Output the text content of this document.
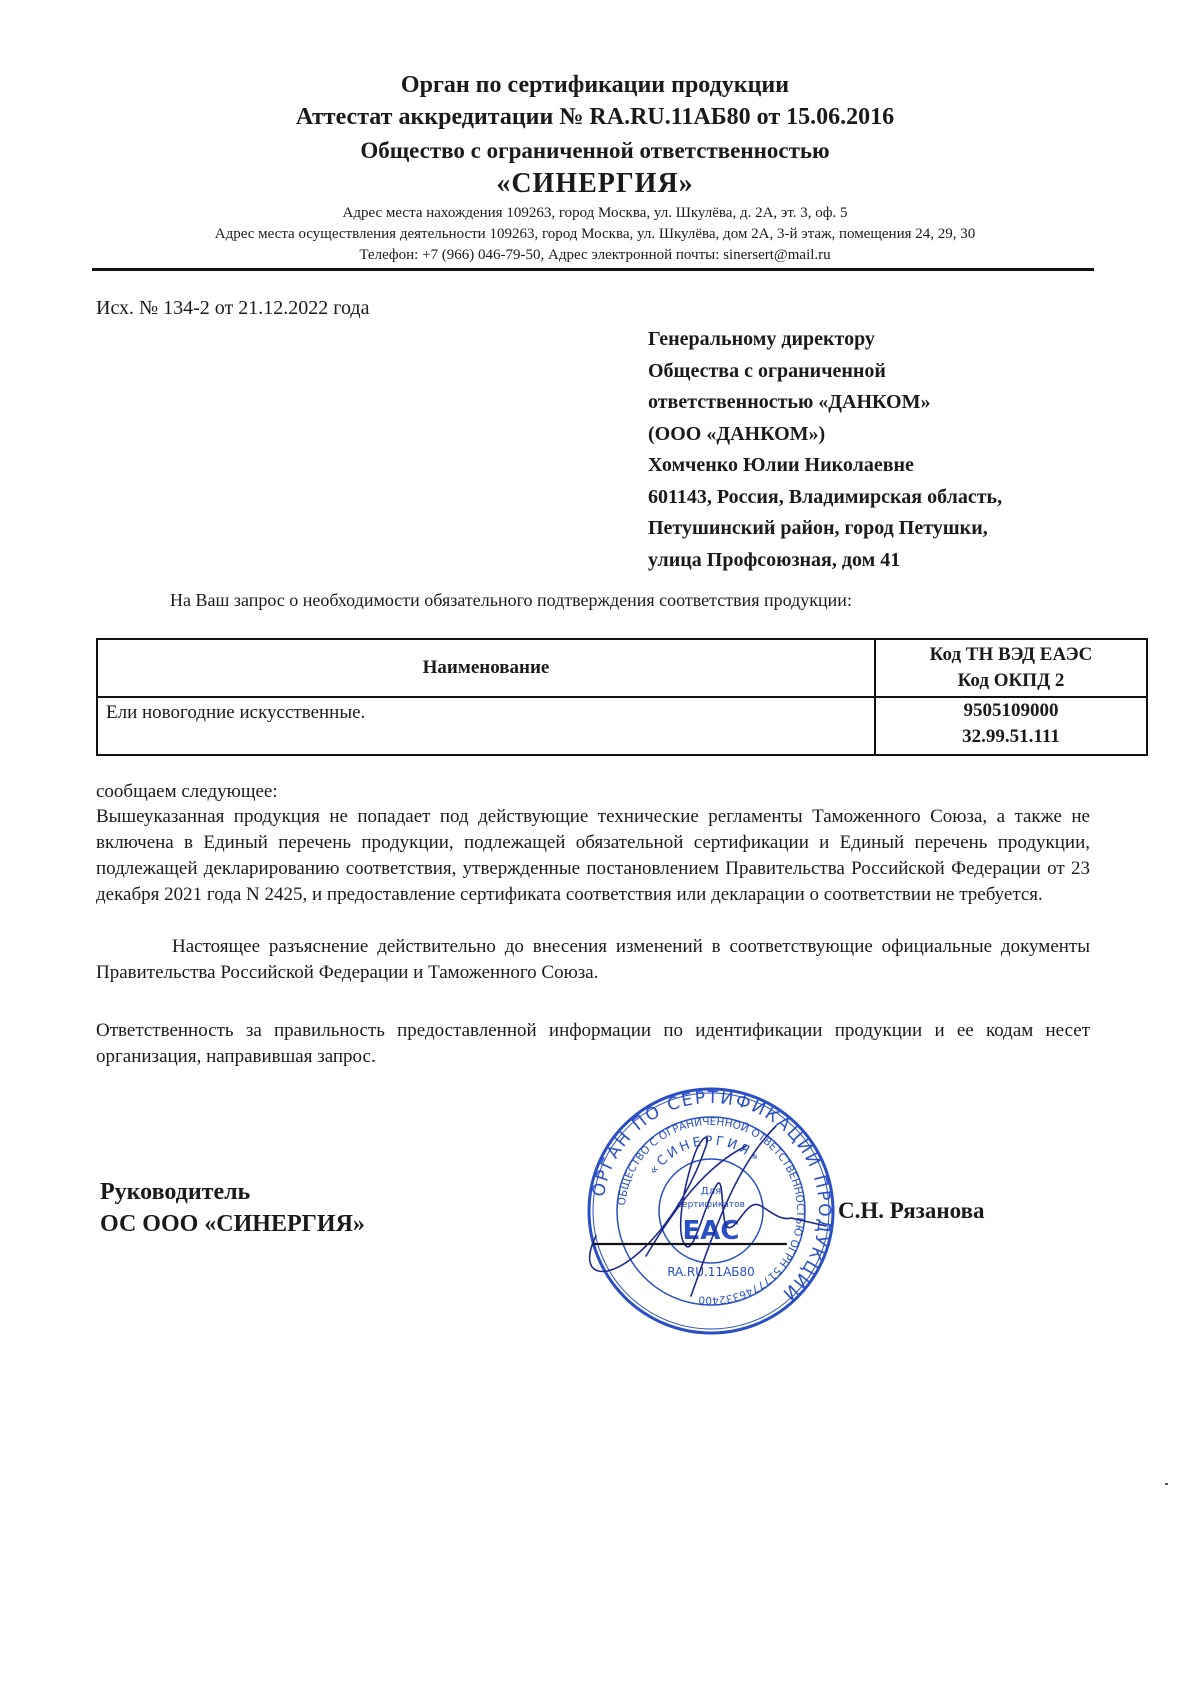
Орган по сертификации продукции
Аттестат аккредитации № RA.RU.11АБ80 от 15.06.2016
Общество с ограниченной ответственностью
«СИНЕРГИЯ»
Адрес места нахождения 109263, город Москва, ул. Шкулёва, д. 2А, эт. 3, оф. 5
Адрес места осуществления деятельности 109263, город Москва, ул. Шкулёва, дом 2А, 3-й этаж, помещения 24, 29, 30
Телефон: +7 (966) 046-79-50, Адрес электронной почты: sinersert@mail.ru
Исх. № 134-2 от 21.12.2022 года
Генеральному директору
Общества с ограниченной
ответственностью «ДАНКОМ»
(ООО «ДАНКОМ»)
Хомченко Юлии Николаевне
601143, Россия, Владимирская область,
Петушинский район, город Петушки,
улица Профсоюзная, дом 41
На Ваш запрос о необходимости обязательного подтверждения соответствия продукции:
Наименование	Код ТН ВЭД ЕАЭС
Код ОКПД 2

Ели новогодние искусственные.	9505109000
32.99.51.111
сообщаем следующее:
Вышеуказанная продукция не попадает под действующие технические регламенты Таможенного Союза, а также не включена в Единый перечень продукции, подлежащей обязательной сертификации и Единый перечень продукции, подлежащей декларированию соответствия, утвержденные постановлением Правительства Российской Федерации от 23 декабря 2021 года N 2425, и предоставление сертификата соответствия или декларации о соответствии не требуется.
Настоящее разъяснение действительно до внесения изменений в соответствующие официальные документы Правительства Российской Федерации и Таможенного Союза.
Ответственность за правильность предоставленной информации по идентификации продукции и ее кодам несет организация, направившая запрос.
Руководитель
ОС ООО «СИНЕРГИЯ»
ОРГАН ПО СЕРТИФИКАЦИИ ПРОДУКЦИИ
ОБЩЕСТВО С ОГРАНИЧЕННОЙ ОТВЕТСТВЕННОСТЬЮ ОГРН 5177746332400
«СИНЕРГИЯ»
Для
сертификатов
EAC
RA.RU.11АБ80
С.Н. Рязанова
